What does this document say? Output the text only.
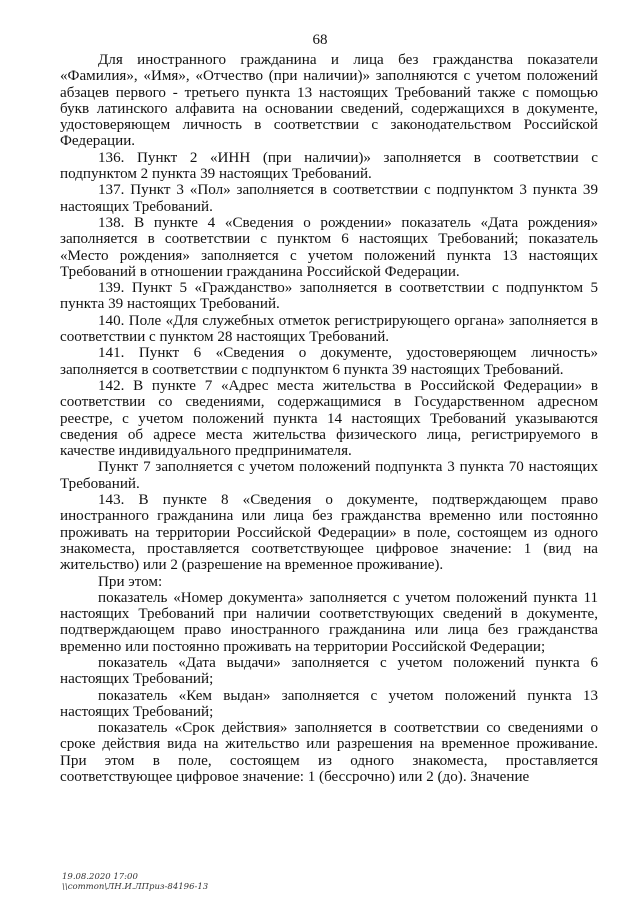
68

Для иностранного гражданина и лица без гражданства показатели «Фамилия», «Имя», «Отчество (при наличии)» заполняются с учетом положений абзацев первого - третьего пункта 13 настоящих Требований также с помощью букв латинского алфавита на основании сведений, содержащихся в документе, удостоверяющем личность в соответствии с законодательством Российской Федерации.

136. Пункт 2 «ИНН (при наличии)» заполняется в соответствии с подпунктом 2 пункта 39 настоящих Требований.

137. Пункт 3 «Пол» заполняется в соответствии с подпунктом 3 пункта 39 настоящих Требований.

138. В пункте 4 «Сведения о рождении» показатель «Дата рождения» заполняется в соответствии с пунктом 6 настоящих Требований; показатель «Место рождения» заполняется с учетом положений пункта 13 настоящих Требований в отношении гражданина Российской Федерации.

139. Пункт 5 «Гражданство» заполняется в соответствии с подпунктом 5 пункта 39 настоящих Требований.

140. Поле «Для служебных отметок регистрирующего органа» заполняется в соответствии с пунктом 28 настоящих Требований.

141. Пункт 6 «Сведения о документе, удостоверяющем личность» заполняется в соответствии с подпунктом 6 пункта 39 настоящих Требований.

142. В пункте 7 «Адрес места жительства в Российской Федерации» в соответствии со сведениями, содержащимися в Государственном адресном реестре, с учетом положений пункта 14 настоящих Требований указываются сведения об адресе места жительства физического лица, регистрируемого в качестве индивидуального предпринимателя.

Пункт 7 заполняется с учетом положений подпункта 3 пункта 70 настоящих Требований.

143. В пункте 8 «Сведения о документе, подтверждающем право иностранного гражданина или лица без гражданства временно или постоянно проживать на территории Российской Федерации» в поле, состоящем из одного знакоместа, проставляется соответствующее цифровое значение: 1 (вид на жительство) или 2 (разрешение на временное проживание).

При этом:

показатель «Номер документа» заполняется с учетом положений пункта 11 настоящих Требований при наличии соответствующих сведений в документе, подтверждающем право иностранного гражданина или лица без гражданства временно или постоянно проживать на территории Российской Федерации;

показатель «Дата выдачи» заполняется с учетом положений пункта 6 настоящих Требований;

показатель «Кем выдан» заполняется с учетом положений пункта 13 настоящих Требований;

показатель «Срок действия» заполняется в соответствии со сведениями о сроке действия вида на жительство или разрешения на временное проживание. При этом в поле, состоящем из одного знакоместа, проставляется соответствующее цифровое значение: 1 (бессрочно) или 2 (до). Значение

19.08.2020 17:00
\\common\ЛН.И.ЛПриз-84196-13
